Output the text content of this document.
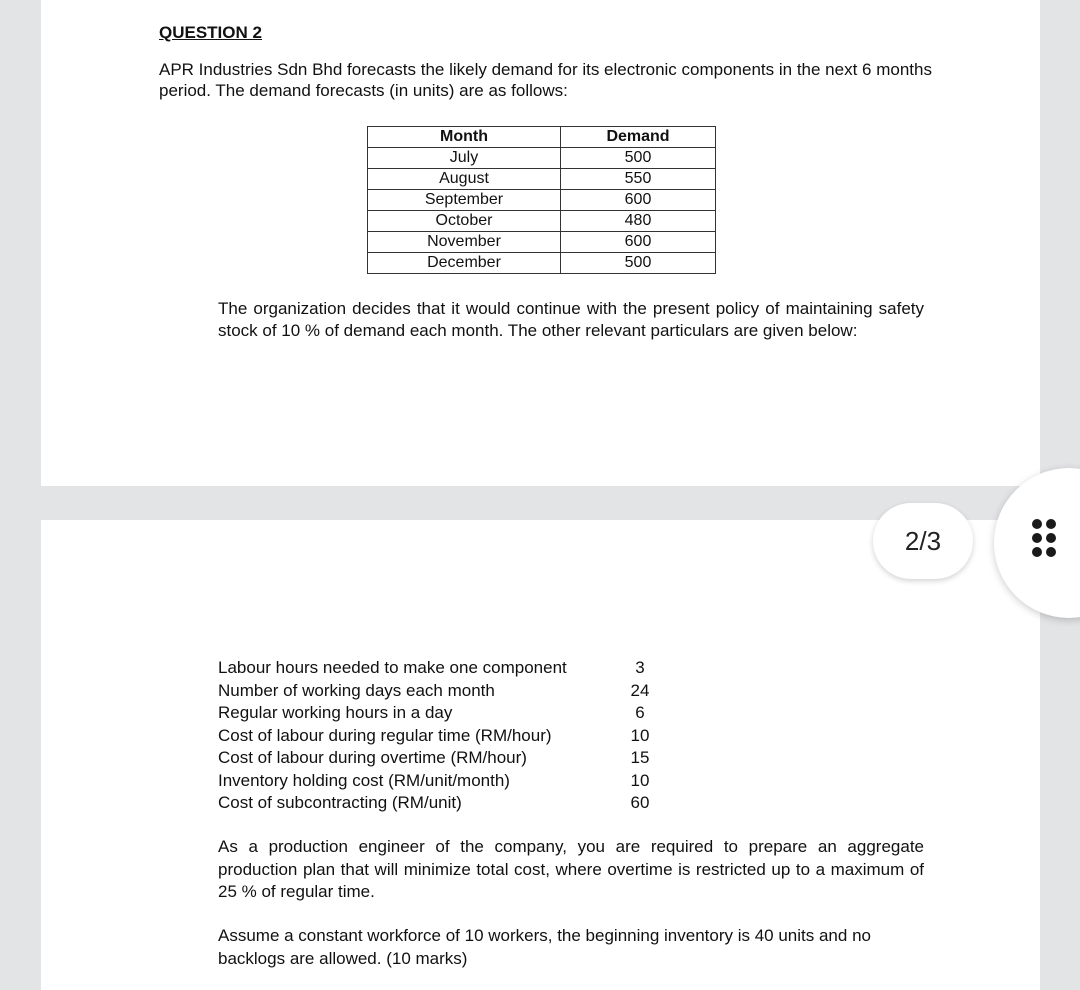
QUESTION 2

APR Industries Sdn Bhd forecasts the likely demand for its electronic components in the next 6 months period. The demand forecasts (in units) are as follows:

Month	Demand
July	500
August	550
September	600
October	480
November	600
December	500

The organization decides that it would continue with the present policy of maintaining safety stock of 10 % of demand each month. The other relevant particulars are given below:

Labour hours needed to make one component	3
Number of working days each month	24
Regular working hours in a day	6
Cost of labour during regular time (RM/hour)	10
Cost of labour during overtime (RM/hour)	15
Inventory holding cost (RM/unit/month)	10
Cost of subcontracting (RM/unit)	60

As a production engineer of the company, you are required to prepare an aggregate production plan that will minimize total cost, where overtime is restricted up to a maximum of 25 % of regular time.

Assume a constant workforce of 10 workers, the beginning inventory is 40 units and no backlogs are allowed. (10 marks)

2/3
